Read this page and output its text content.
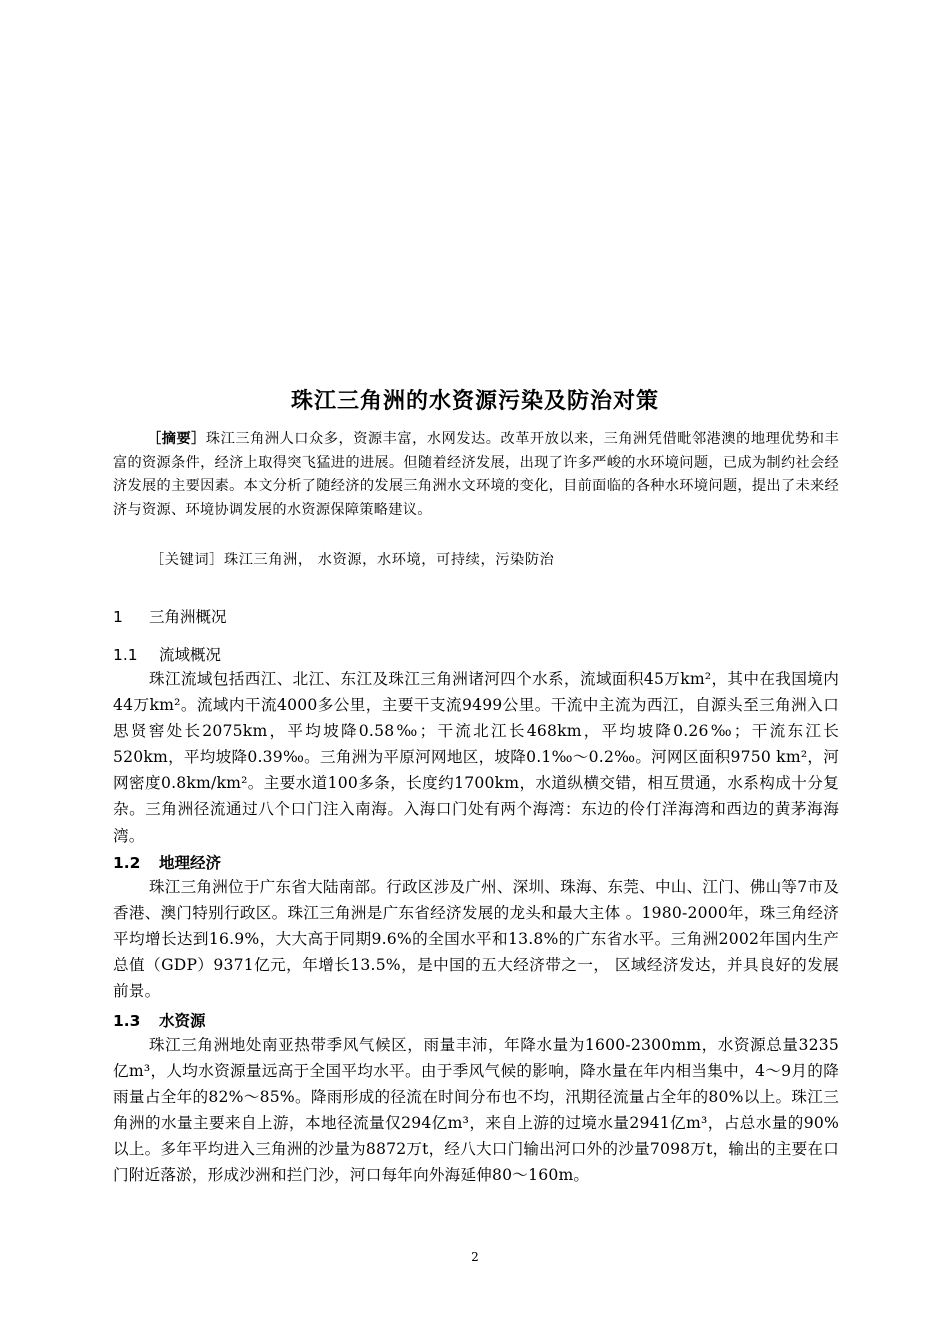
珠江三角洲的水资源污染及防治对策
［摘要］珠江三角洲人口众多，资源丰富，水网发达。改革开放以来，三角洲凭借毗邻港澳的地理优势和丰富的资源条件，经济上取得突飞猛进的进展。但随着经济发展，出现了许多严峻的水环境问题，已成为制约社会经济发展的主要因素。本文分析了随经济的发展三角洲水文环境的变化，目前面临的各种水环境问题，提出了未来经济与资源、环境协调发展的水资源保障策略建议。
［关键词］珠江三角洲， 水资源，水环境，可持续，污染防治
1 三角洲概况
1.1 流域概况
珠江流域包括西江、北江、东江及珠江三角洲诸河四个水系，流域面积45万km²，其中在我国境内44万km²。流域内干流4000多公里，主要干支流9499公里。干流中主流为西江，自源头至三角洲入口思贤窖处长2075km，平均坡降0.58‰；干流北江长468km，平均坡降0.26‰；干流东江长520km，平均坡降0.39‰。三角洲为平原河网地区，坡降0.1‰～0.2‰。河网区面积9750 km²，河网密度0.8km/km²。主要水道100多条，长度约1700km，水道纵横交错，相互贯通，水系构成十分复杂。三角洲径流通过八个口门注入南海。入海口门处有两个海湾：东边的伶仃洋海湾和西边的黄茅海海湾。
1.2 地理经济
珠江三角洲位于广东省大陆南部。行政区涉及广州、深圳、珠海、东莞、中山、江门、佛山等7市及香港、澳门特别行政区。珠江三角洲是广东省经济发展的龙头和最大主体 。1980-2000年，珠三角经济平均增长达到16.9%，大大高于同期9.6%的全国水平和13.8%的广东省水平。三角洲2002年国内生产总值（GDP）9371亿元，年增长13.5%，是中国的五大经济带之一， 区域经济发达，并具良好的发展前景。
1.3 水资源
珠江三角洲地处南亚热带季风气候区，雨量丰沛，年降水量为1600-2300mm，水资源总量3235亿m³，人均水资源量远高于全国平均水平。由于季风气候的影响，降水量在年内相当集中，4～9月的降雨量占全年的82%～85%。降雨形成的径流在时间分布也不均，汛期径流量占全年的80%以上。珠江三角洲的水量主要来自上游，本地径流量仅294亿m³，来自上游的过境水量2941亿m³，占总水量的90%以上。多年平均进入三角洲的沙量为8872万t，经八大口门输出河口外的沙量7098万t，输出的主要在口门附近落淤，形成沙洲和拦门沙，河口每年向外海延伸80～160m。
2
